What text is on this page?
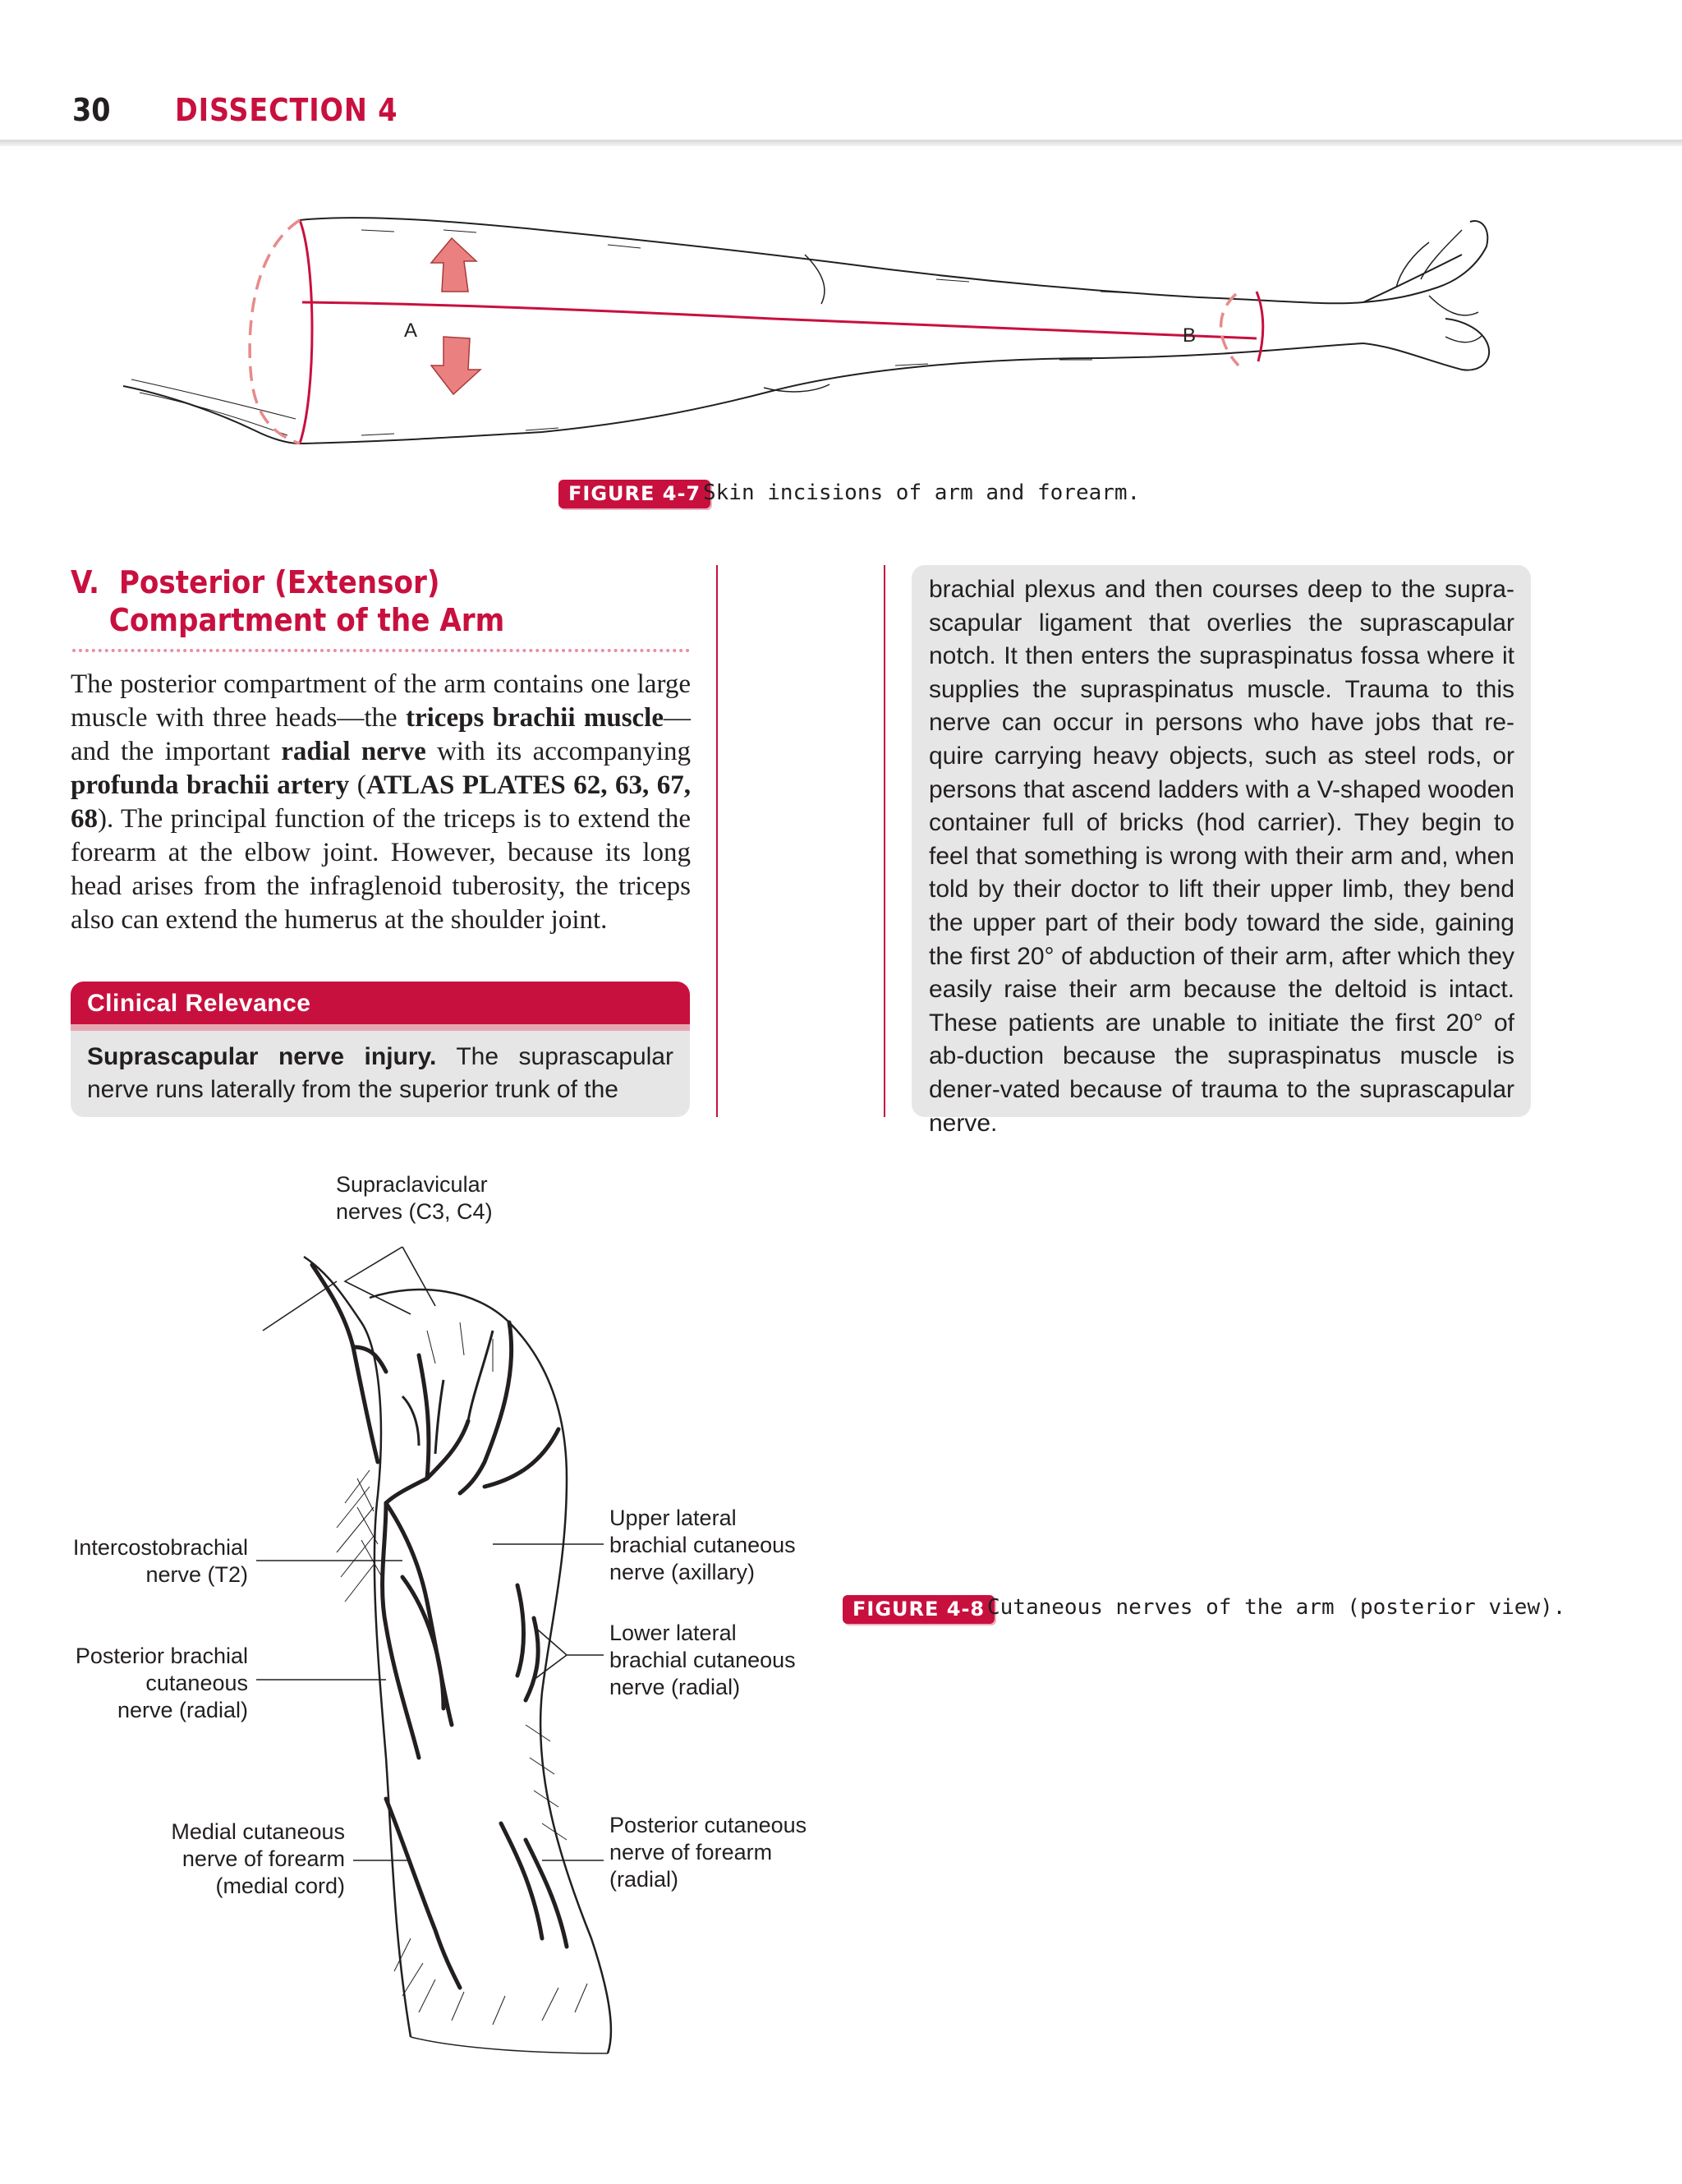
30 DISSECTION 4
A	B
FIGURE 4-7 Skin incisions of arm and forearm.
V.  Posterior (Extensor)
Compartment of the Arm

The posterior compartment of the arm contains one large muscle with three heads—the triceps brachii muscle— and the important radial nerve with its accompanying profunda brachii artery (ATLAS PLATES 62, 63, 67, 68). The principal function of the triceps is to extend the forearm at the elbow joint. However, because its long head arises from the infraglenoid tuberosity, the triceps also can extend the humerus at the shoulder joint.

Clinical Relevance
Suprascapular nerve injury. The suprascapular nerve runs laterally from the superior trunk of the
brachial plexus and then courses deep to the supra-scapular ligament that overlies the suprascapular notch. It then enters the supraspinatus fossa where it supplies the supraspinatus muscle. Trauma to this nerve can occur in persons who have jobs that re-quire carrying heavy objects, such as steel rods, or persons that ascend ladders with a V-shaped wooden container full of bricks (hod carrier). They begin to feel that something is wrong with their arm and, when told by their doctor to lift their upper limb, they bend the upper part of their body toward the side, gaining the first 20° of abduction of their arm, after which they easily raise their arm because the deltoid is intact. These patients are unable to initiate the first 20° of ab-duction because the supraspinatus muscle is dener-vated because of trauma to the suprascapular nerve.
Supraclavicular
nerves (C3, C4)
Intercostobrachial
nerve (T2)
Posterior brachial
cutaneous
nerve (radial)
Medial cutaneous
nerve of forearm
(medial cord)
Upper lateral
brachial cutaneous
nerve (axillary)
Lower lateral
brachial cutaneous
nerve (radial)
Posterior cutaneous
nerve of forearm
(radial)
FIGURE 4-8 Cutaneous nerves of the arm (posterior view).
